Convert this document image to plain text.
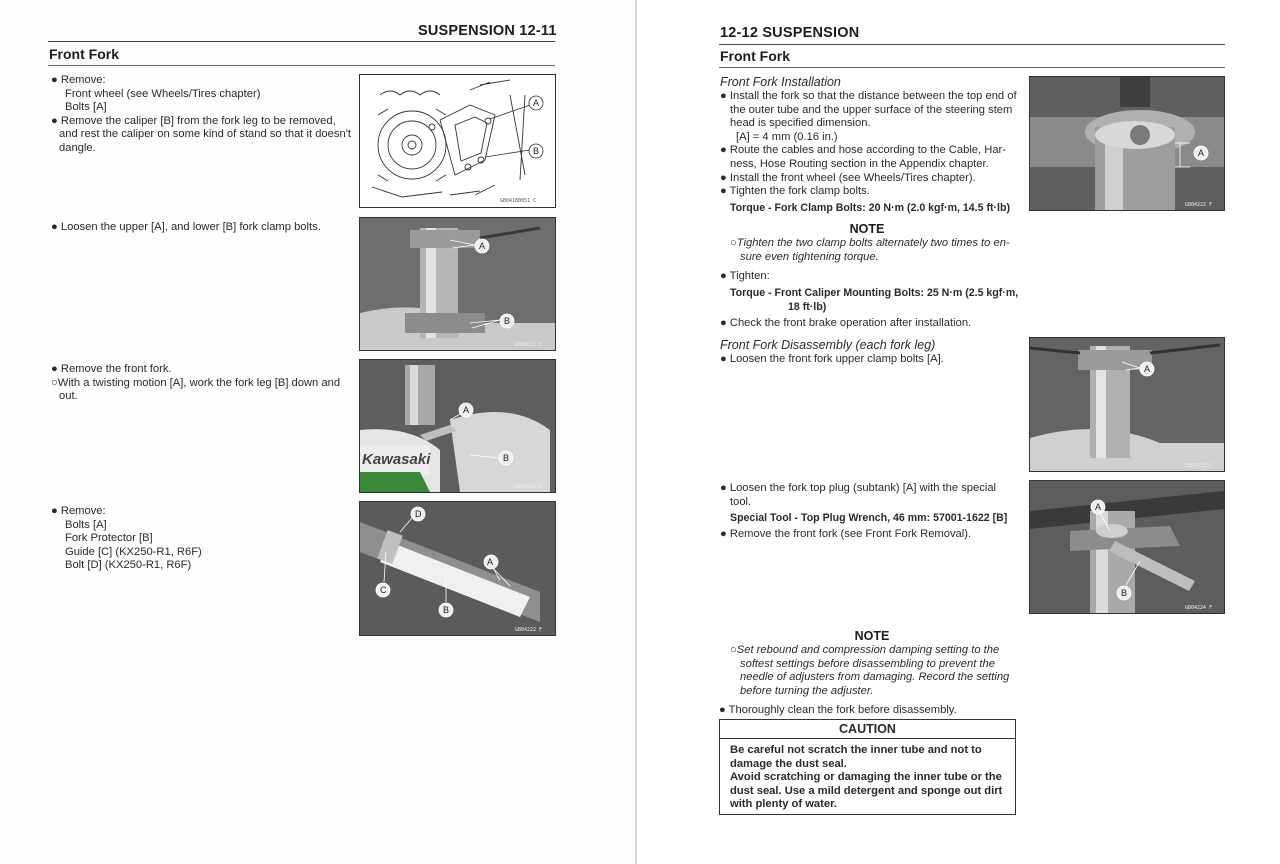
SUSPENSION 12-11
Front Fork
● Remove:
Front wheel (see Wheels/Tires chapter)
Bolts [A]
● Remove the caliper [B] from the fork leg to be removed,
and rest the caliper on some kind of stand so that it doesn't
dangle.
A
B
GB04180051 C
● Loosen the upper [A], and lower [B] fork clamp bolts.
A
B
GB04211 F
● Remove the front fork.
○With a twisting motion [A], work the fork leg [B] down and
out.
Kawasaki
A
B
GB04212 F
● Remove:
Bolts [A]
Fork Protector [B]
Guide [C] (KX250-R1, R6F)
Bolt [D] (KX250-R1, R6F)	A
B
C
D
GB04222 F
12-12 SUSPENSION
Front Fork
Front Fork Installation
● Install the fork so that the distance between the top end of
the outer tube and the upper surface of the steering stem
head is specified dimension.
[A] = 4 mm (0.16 in.)
● Route the cables and hose according to the Cable, Har-
ness, Hose Routing section in the Appendix chapter.
● Install the front wheel (see Wheels/Tires chapter).
● Tighten the fork clamp bolts.
Torque - Fork Clamp Bolts: 20 N·m (2.0 kgf·m, 14.5 ft·lb)
NOTE
○Tighten the two clamp bolts alternately two times to en-
sure even tightening torque.
● Tighten:
Torque - Front Caliper Mounting Bolts: 25 N·m (2.5 kgf·m,
18 ft·lb)
● Check the front brake operation after installation.
A
GB04222 F
Front Fork Disassembly (each fork leg)
● Loosen the front fork upper clamp bolts [A].
A
GB04213 F
● Loosen the fork top plug (subtank) [A] with the special
tool.
Special Tool - Top Plug Wrench, 46 mm: 57001-1622 [B]
● Remove the front fork (see Front Fork Removal).
A
B
GB04224 F
NOTE
○Set rebound and compression damping setting to the
softest settings before disassembling to prevent the
needle of adjusters from damaging. Record the setting
before turning the adjuster.
● Thoroughly clean the fork before disassembly.
CAUTION
Be careful not scratch the inner tube and not to
damage the dust seal.
Avoid scratching or damaging the inner tube or the
dust seal. Use a mild detergent and sponge out dirt
with plenty of water.
